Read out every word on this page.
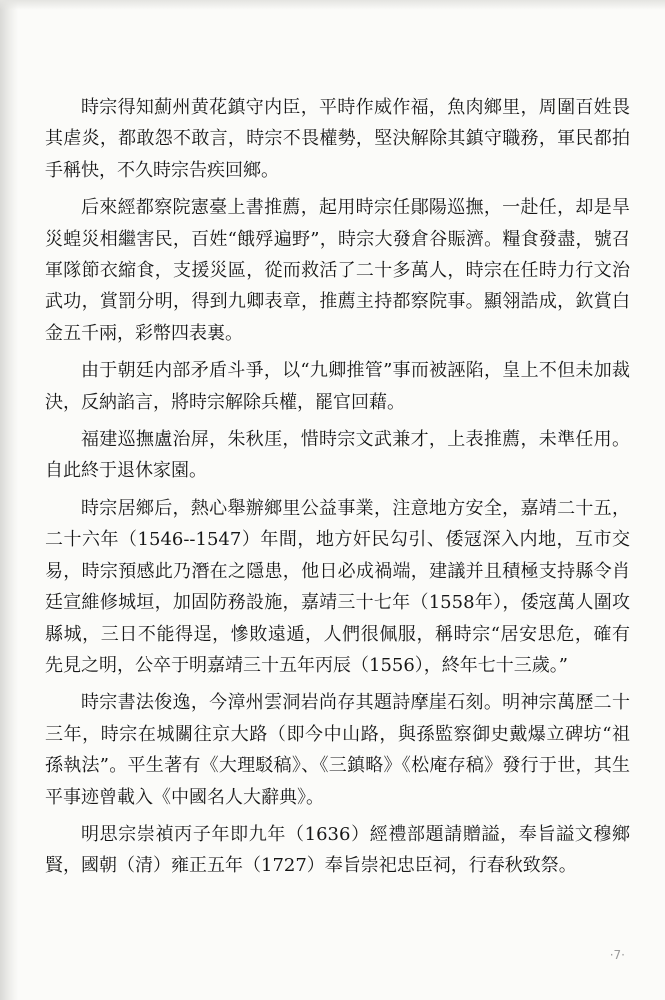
時宗得知薊州黄花鎮守内臣，平時作威作福，魚肉鄉里，周圍百姓畏其虐炎，都敢怨不敢言，時宗不畏權勢，堅決解除其鎮守職務，軍民都拍手稱快，不久時宗告疾回鄉。

后來經都察院憲臺上書推薦，起用時宗任鄖陽巡撫，一赴任，却是旱災蝗災相繼害民，百姓“餓殍遍野”，時宗大發倉谷賑濟。糧食發盡，號召軍隊節衣縮食，支援災區，從而救活了二十多萬人，時宗在任時力行文治武功，賞罰分明，得到九卿表章，推薦主持都察院事。顯翎誥成，欽賞白金五千兩，彩幣四表裏。

由于朝廷内部矛盾斗爭，以“九卿推管”事而被誣陷，皇上不但未加裁決，反納諂言，將時宗解除兵權，罷官回藉。

福建巡撫盧治屏，朱秋厓，惜時宗文武兼才，上表推薦，未準任用。自此終于退休家園。

時宗居鄉后，熱心舉辦鄉里公益事業，注意地方安全，嘉靖二十五，二十六年（1546--1547）年間，地方奸民勾引、倭冦深入内地，互市交易，時宗預感此乃潛在之隱患，他日必成禍端，建議并且積極支持縣令肖廷宣維修城垣，加固防務設施，嘉靖三十七年（1558年），倭寇萬人圍攻縣城，三日不能得逞，慘敗遠遁，人們很佩服，稱時宗“居安思危，確有先見之明，公卒于明嘉靖三十五年丙辰（1556），終年七十三歲。”

時宗書法俊逸，今漳州雲洞岩尚存其題詩摩崖石刻。明神宗萬歷二十三年，時宗在城關往京大路（即今中山路，與孫監察御史戴爆立碑坊“祖孫執法”。平生著有《大理駁稿》、《三鎮略》《松庵存稿》發行于世，其生平事迹曾載入《中國名人大辭典》。

明思宗崇禎丙子年即九年（1636）經禮部題請贈謚，奉旨謚文穆鄉賢，國朝（清）雍正五年（1727）奉旨崇祀忠臣祠，行春秋致祭。

·7·
